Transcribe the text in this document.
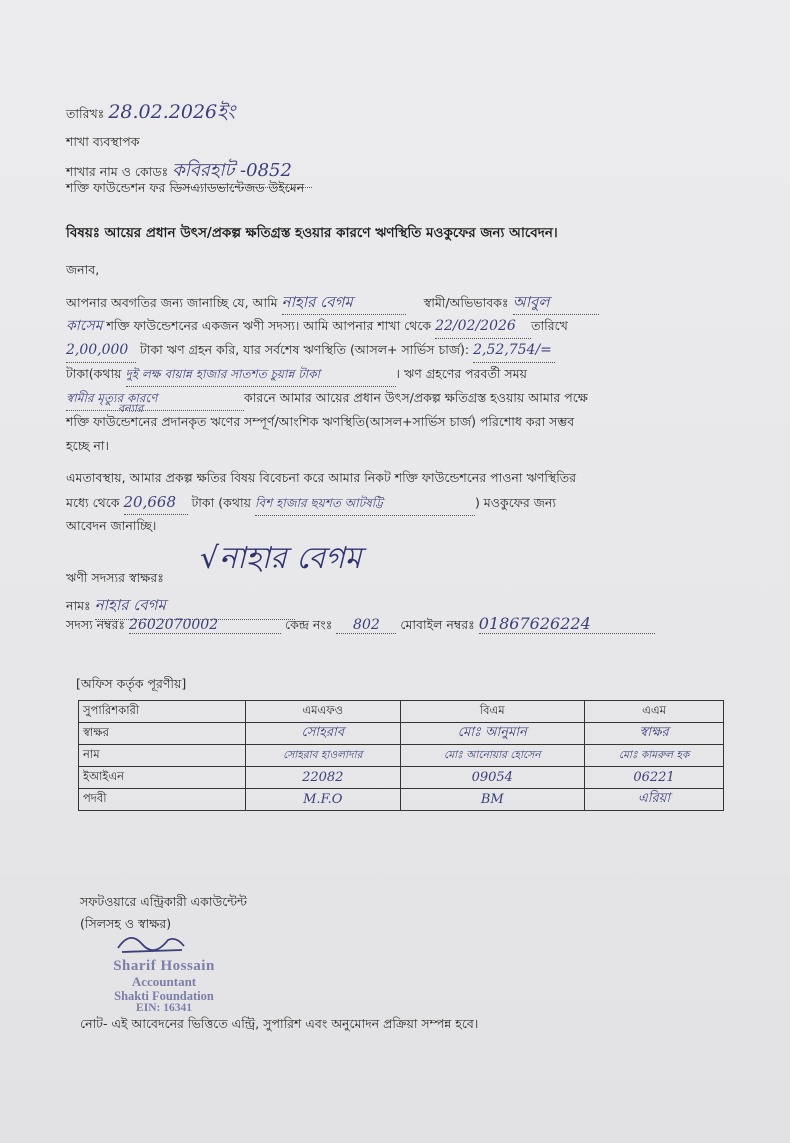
তারিখঃ 28.02.2026ইং
শাখা ব্যবস্থাপক
শাখার নাম ও কোডঃ কবিরহাট -0852
শক্তি ফাউন্ডেশন ফর ডিসএ্যাডভান্টেজড উইমেন
বিষয়ঃ আয়ের প্রধান উৎস/প্রকল্প ক্ষতিগ্রস্ত হওয়ার কারণে ঋণস্থিতি মওকুফের জন্য আবেদন।
জনাব,
আপনার অবগতির জন্য জানাচ্ছি যে, আমি নাহার বেগম	স্বামী/অভিভাবকঃ আবুল
কাসেম শক্তি ফাউন্ডেশনের একজন ঋণী সদস্য। আমি আপনার শাখা থেকে 22/02/2026 তারিখে
2,00,000 টাকা ঋণ গ্রহন করি, যার সর্বশেষ ঋণস্থিতি (আসল+ সার্ভিস চার্জ): 2,52,754/=
টাকা(কথায় দুই লক্ষ বায়ান্ন হাজার সাতশত চুয়ান্ন টাকা	। ঋণ গ্রহণের পরবর্তী সময়
স্বামীর মৃত্যুর কারণে	কারনে আমার আয়ের প্রধান উৎস/প্রকল্প ক্ষতিগ্রস্ত হওয়ায় আমার পক্ষে
বন্যার
শক্তি ফাউন্ডেশনের প্রদানকৃত ঋণের সম্পূর্ণ/আংশিক ঋণস্থিতি(আসল+সার্ভিস চার্জ) পরিশোধ করা সম্ভব
হচ্ছে না।
এমতাবস্থায়, আমার প্রকল্প ক্ষতির বিষয় বিবেচনা করে আমার নিকট শক্তি ফাউন্ডেশনের পাওনা ঋণস্থিতির
মধ্যে থেকে 20,668 টাকা (কথায় বিশ হাজার ছয়শত আটষট্টি	) মওকুফের জন্য
আবেদন জানাচ্ছি।
√নাহার বেগম
ঋণী সদস্যর স্বাক্ষরঃ
নামঃ নাহার বেগম
সদস্য নম্বরঃ 2602070002	কেন্দ্র নংঃ 802 মোবাইল নম্বরঃ 01867626224
[অফিস কর্তৃক পূরণীয়]
সুপারিশকারী	এমএফও	বিএম	এএম
স্বাক্ষর	সোহরাব	মোঃ আনুমান	স্বাক্ষর
নাম	সোহরাব হাওলাদার	মোঃ আনোয়ার হোসেন	মোঃ কামরুল হক
ইআইএন	22082	09054	06221
পদবী	M.F.O	BM	এরিয়া
সফটওয়ারে এন্ট্রিকারী একাউন্টেন্ট
(সিলসহ ও স্বাক্ষর)
Sharif Hossain
Accountant
Shakti Foundation
EIN: 16341
নোট- এই আবেদনের ভিত্তিতে এন্ট্রি, সুপারিশ এবং অনুমোদন প্রক্রিয়া সম্পন্ন হবে।
